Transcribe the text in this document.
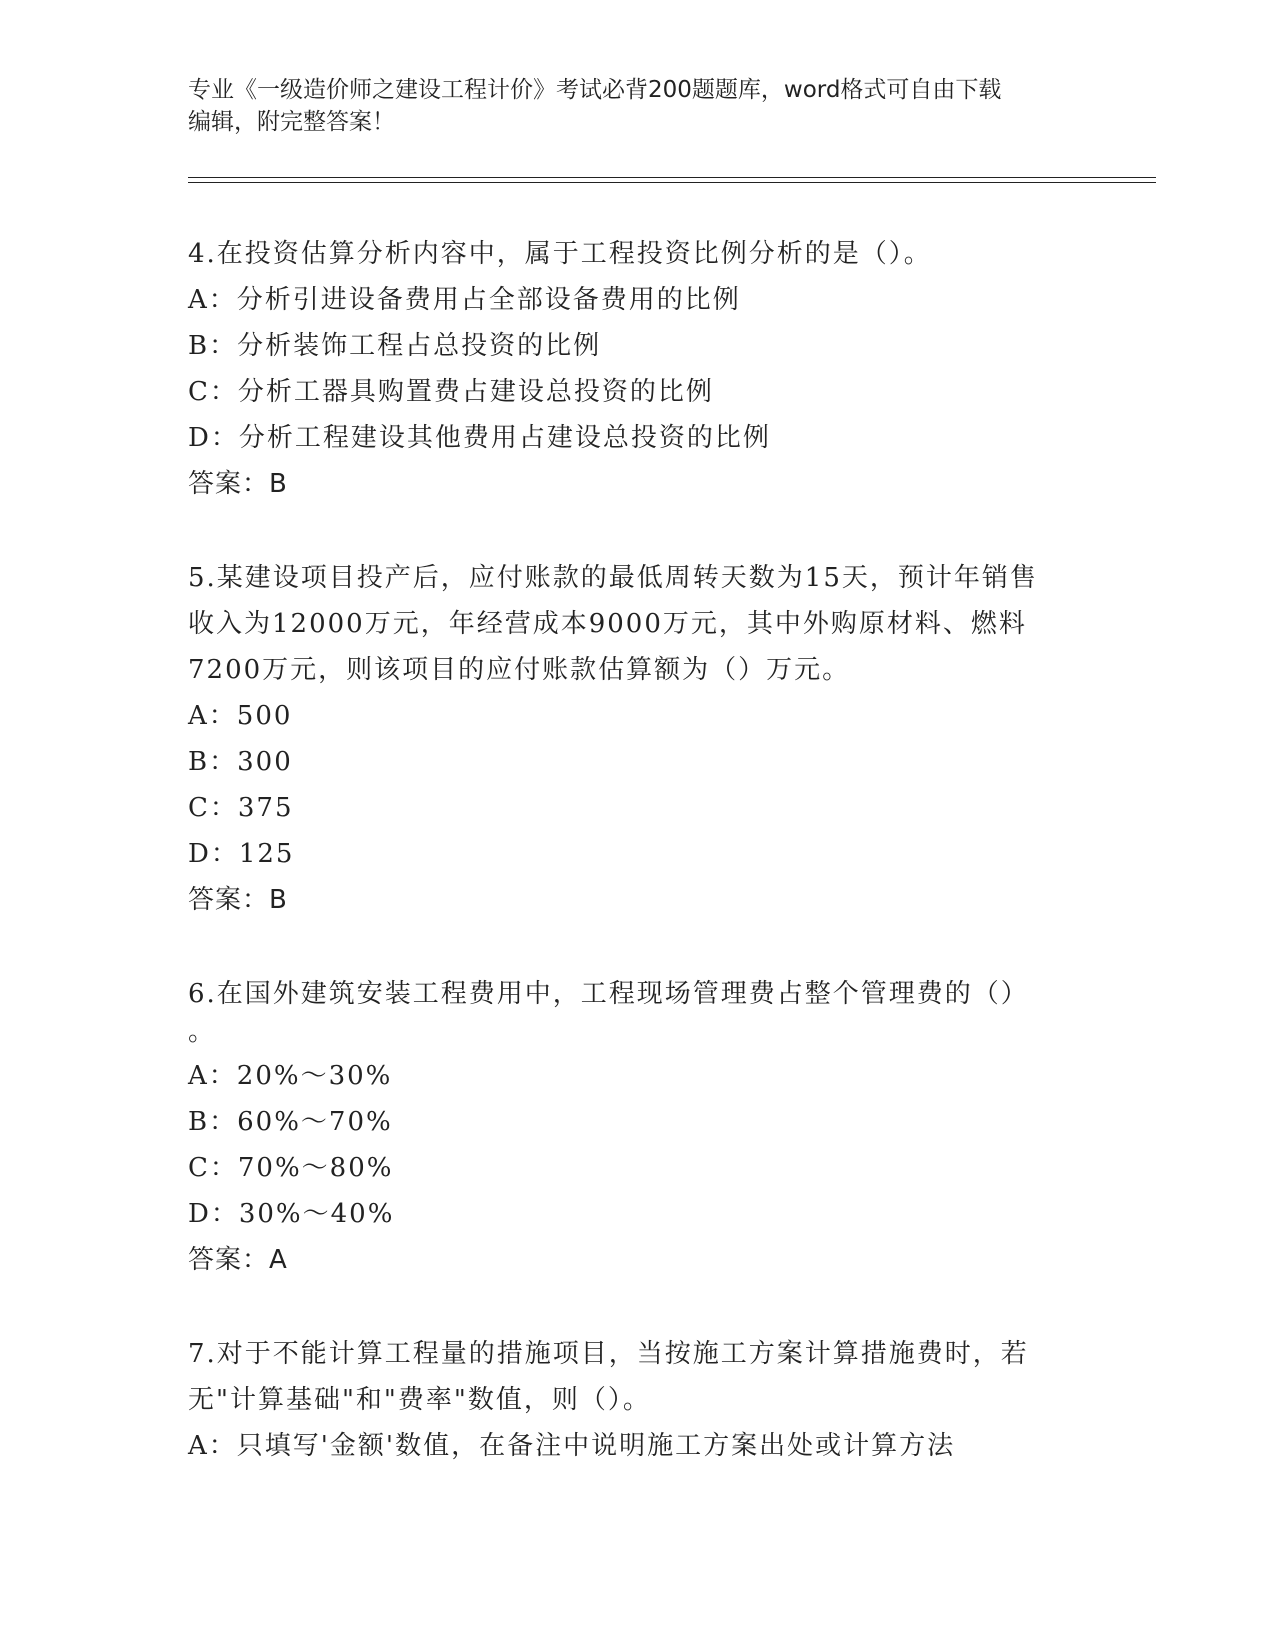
专业《一级造价师之建设工程计价》考试必背200题题库，word格式可自由下载
编辑，附完整答案！
4.在投资估算分析内容中，属于工程投资比例分析的是（）。
A：分析引进设备费用占全部设备费用的比例
B：分析装饰工程占总投资的比例
C：分析工器具购置费占建设总投资的比例
D：分析工程建设其他费用占建设总投资的比例
答案：B
5.某建设项目投产后，应付账款的最低周转天数为15天，预计年销售
收入为12000万元，年经营成本9000万元，其中外购原材料、燃料
7200万元，则该项目的应付账款估算额为（）万元。
A：500
B：300
C：375
D：125
答案：B
6.在国外建筑安装工程费用中，工程现场管理费占整个管理费的（）
。
A：20%～30%
B：60%～70%
C：70%～80%
D：30%～40%
答案：A
7.对于不能计算工程量的措施项目，当按施工方案计算措施费时，若
无"计算基础"和"费率"数值，则（）。
A：只填写'金额'数值，在备注中说明施工方案出处或计算方法
